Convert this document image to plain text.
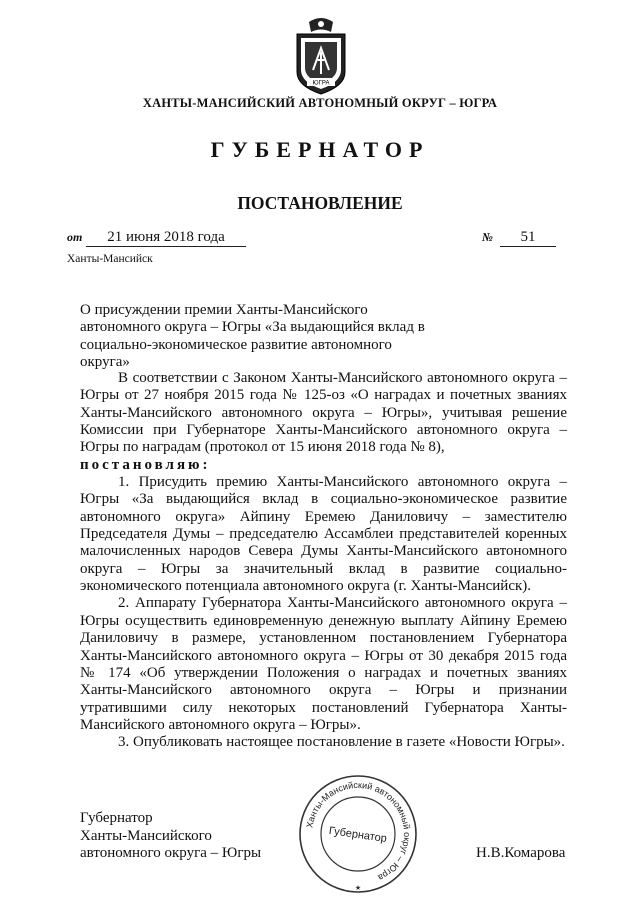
ЮГРА
ХАНТЫ-МАНСИЙСКИЙ АВТОНОМНЫЙ ОКРУГ – ЮГРА
ГУБЕРНАТОР
ПОСТАНОВЛЕНИЕ
от	21 июня 2018 года	№	51
Ханты-Мансийск
О присуждении премии Ханты-Мансийского
автономного округа – Югры «За выдающийся вклад в
социально-экономическое развитие автономного округа»

В соответствии с Законом Ханты-Мансийского автономного округа – Югры от 27 ноября 2015 года № 125-оз «О наградах и почетных званиях Ханты-Мансийского автономного округа – Югры», учитывая решение Комиссии при Губернаторе Ханты-Мансийского автономного округа – Югры по наградам (протокол от 15 июня 2018 года № 8),

постановляю:

1. Присудить премию Ханты-Мансийского автономного округа – Югры «За выдающийся вклад в социально-экономическое развитие автономного округа» Айпину Еремею Даниловичу – заместителю Председателя Думы – председателю Ассамблеи представителей коренных малочисленных народов Севера Думы Ханты-Мансийского автономного округа – Югры за значительный вклад в развитие социально-экономического потенциала автономного округа (г. Ханты-Мансийск).

2. Аппарату Губернатора Ханты-Мансийского автономного округа – Югры осуществить единовременную денежную выплату Айпину Еремею Даниловичу в размере, установленном постановлением Губернатора Ханты-Мансийского автономного округа – Югры от 30 декабря 2015 года № 174 «Об утверждении Положения о наградах и почетных званиях Ханты-Мансийского автономного округа – Югры и признании утратившими силу некоторых постановлений Губернатора Ханты-Мансийского автономного округа – Югры».

3. Опубликовать настоящее постановление в газете «Новости Югры».

Губернатор
Ханты-Мансийского
автономного округа – Югры	Н.В.Комарова
Ханты-Мансийский автономный округ – Югра
Губернатор
★
